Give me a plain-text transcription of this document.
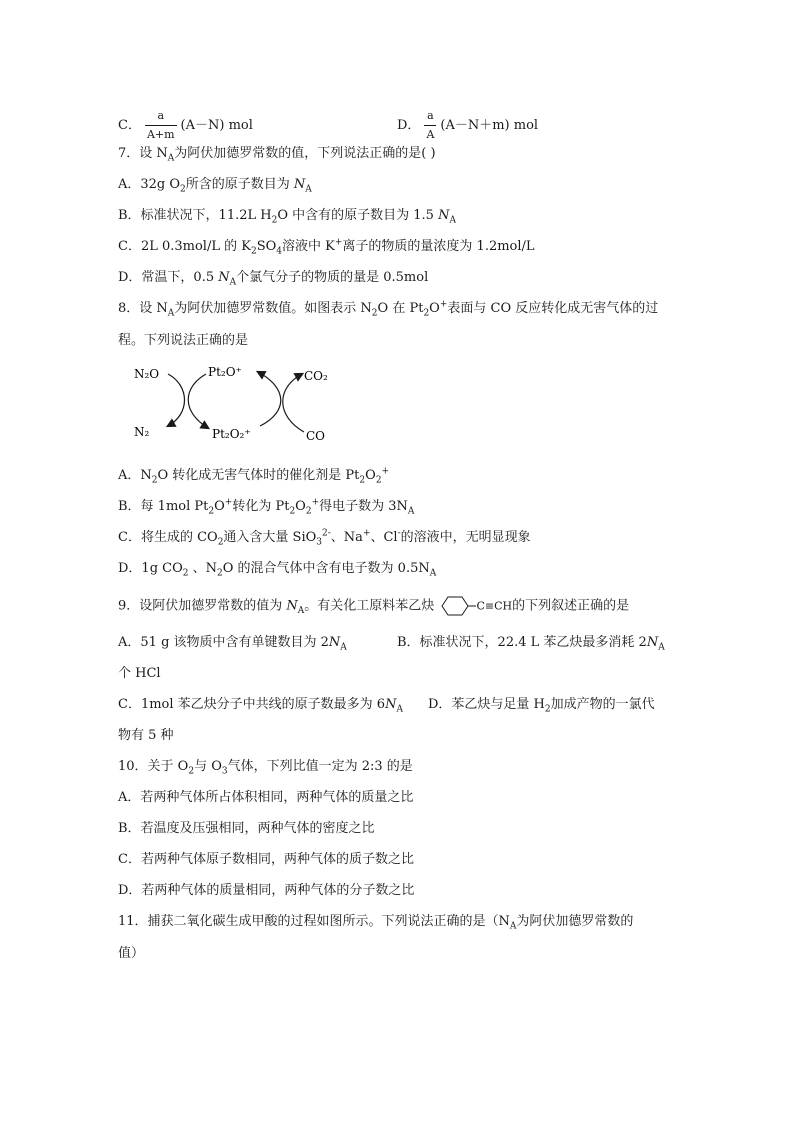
C． $\frac{a}{A+m} (A-N)$ mol	D． $\frac{a}{A} (A-N+m)$ mol
7．设 $N_A$为阿伏加德罗常数的值，下列说法正确的是( )
A．32g $O_2$所含的原子数目为 $N_A$
B．标准状况下，11.2L $H_2O$ 中含有的原子数目为 1.5 $N_A$
C．2L 0.3mol/L 的 $K_2SO_4$溶液中 K+离子的物质的量浓度为 1.2mol/L
D．常温下，0.5 $N_A$个氯气分子的物质的量是 0.5mol
8．设 $N_A$为阿伏加德罗常数值。如图表示 $N_2O$ 在 $Pt_2O^+$表面与 CO 反应转化成无害气体的过
程。下列说法正确的是
N₂O	Pt₂O⁺	CO₂
N₂	Pt₂O₂⁺	CO
A．$N_2O$ 转化成无害气体时的催化剂是 $Pt_2O_2^+$
B．每 1mol $Pt_2O^+$转化为 $Pt_2O_2^+$得电子数为 $3N_A$
C．将生成的 $CO_2$通入含大量 SiO$_3^{2-}$、Na+、Cl-的溶液中，无明显现象
D．1g $CO_2$ 、$N_2O$ 的混合气体中含有电子数为 $0.5N_A$
9．设阿伏加德罗常数的值为 $N_A$。有关化工原料苯乙炔	C≡CH的下列叙述正确的是
A．51 g 该物质中含有单键数目为 $2N_A$	B．标准状况下，22.4 L 苯乙炔最多消耗 $2N_A$
个 HCl
C．1mol 苯乙炔分子中共线的原子数最多为 $6N_A$ D．苯乙炔与足量 $H_2$加成产物的一氯代
物有 5 种
10．关于 $O_2$与 $O_3$气体，下列比值一定为 2:3 的是
A．若两种气体所占体积相同，两种气体的质量之比
B．若温度及压强相同，两种气体的密度之比
C．若两种气体原子数相同，两种气体的质子数之比
D．若两种气体的质量相同，两种气体的分子数之比
11．捕获二氧化碳生成甲酸的过程如图所示。下列说法正确的是（$N_A$为阿伏加德罗常数的
值）
